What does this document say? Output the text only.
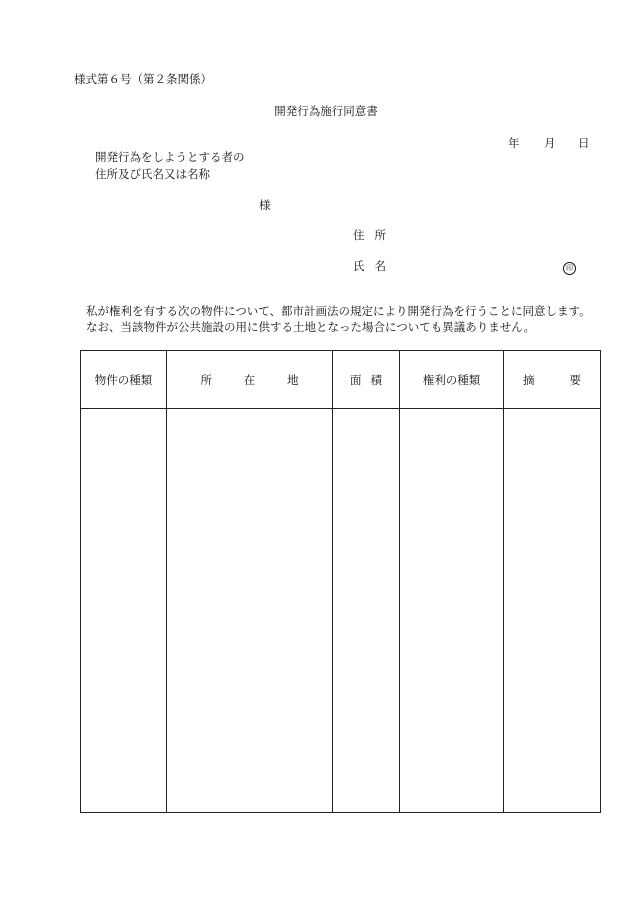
様式第６号（第２条関係）
開発行為施行同意書
年 月 日
開発行為をしようとする者の
住所及び氏名又は名称
様
住 所
氏 名	印
私が権利を有する次の物件について、都市計画法の規定により開発行為を行うことに同意します。
なお、当該物件が公共施設の用に供する土地となった場合についても異議ありません。
物件の種類	所 在 地	面 積	権利の種類	摘 要
